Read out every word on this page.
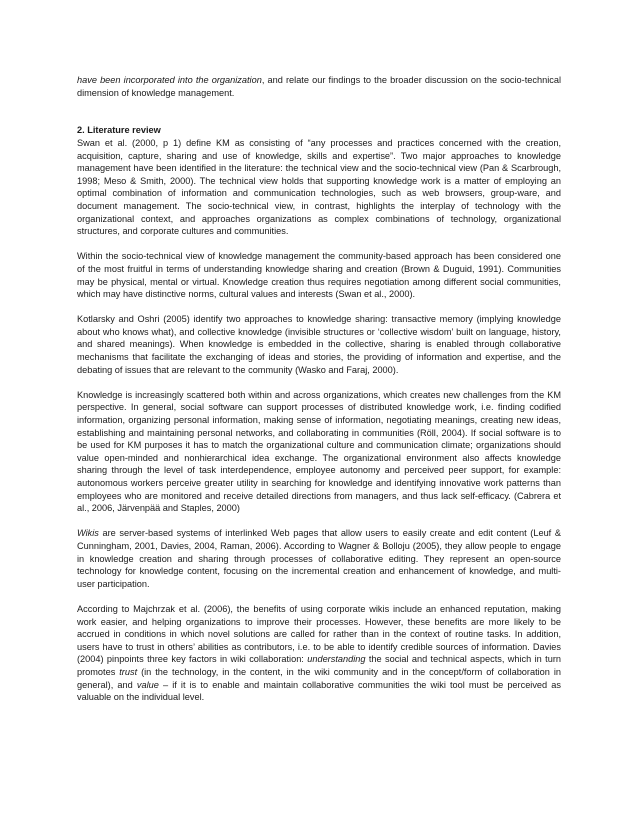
have been incorporated into the organization, and relate our findings to the broader discussion on the socio-technical dimension of knowledge management.

2. Literature review

Swan et al. (2000, p 1) define KM as consisting of “any processes and practices concerned with the creation, acquisition, capture, sharing and use of knowledge, skills and expertise”. Two major approaches to knowledge management have been identified in the literature: the technical view and the socio-technical view (Pan & Scarbrough, 1998; Meso & Smith, 2000). The technical view holds that supporting knowledge work is a matter of employing an optimal combination of information and communication technologies, such as web browsers, group-ware, and document management. The socio-technical view, in contrast, highlights the interplay of technology with the organizational context, and approaches organizations as complex combinations of technology, organizational structures, and corporate cultures and communities.

Within the socio-technical view of knowledge management the community-based approach has been considered one of the most fruitful in terms of understanding knowledge sharing and creation (Brown & Duguid, 1991). Communities may be physical, mental or virtual. Knowledge creation thus requires negotiation among different social communities, which may have distinctive norms, cultural values and interests (Swan et al., 2000).

Kotlarsky and Oshri (2005) identify two approaches to knowledge sharing: transactive memory (implying knowledge about who knows what), and collective knowledge (invisible structures or ‘collective wisdom’ built on language, history, and shared meanings). When knowledge is embedded in the collective, sharing is enabled through collaborative mechanisms that facilitate the exchanging of ideas and stories, the providing of information and expertise, and the debating of issues that are relevant to the community (Wasko and Faraj, 2000).

Knowledge is increasingly scattered both within and across organizations, which creates new challenges from the KM perspective. In general, social software can support processes of distributed knowledge work, i.e. finding codified information, organizing personal information, making sense of information, negotiating meanings, creating new ideas, establishing and maintaining personal networks, and collaborating in communities (Röll, 2004). If social software is to be used for KM purposes it has to match the organizational culture and communication climate; organizations should value open-minded and nonhierarchical idea exchange. The organizational environment also affects knowledge sharing through the level of task interdependence, employee autonomy and perceived peer support, for example: autonomous workers perceive greater utility in searching for knowledge and identifying innovative work patterns than employees who are monitored and receive detailed directions from managers, and thus lack self-efficacy. (Cabrera et al., 2006, Järvenpää and Staples, 2000)

Wikis are server-based systems of interlinked Web pages that allow users to easily create and edit content (Leuf & Cunningham, 2001, Davies, 2004, Raman, 2006). According to Wagner & Bolloju (2005), they allow people to engage in knowledge creation and sharing through processes of collaborative editing. They represent an open-source technology for knowledge content, focusing on the incremental creation and enhancement of knowledge, and multi-user participation.

According to Majchrzak et al. (2006), the benefits of using corporate wikis include an enhanced reputation, making work easier, and helping organizations to improve their processes. However, these benefits are more likely to be accrued in conditions in which novel solutions are called for rather than in the context of routine tasks. In addition, users have to trust in others’ abilities as contributors, i.e. to be able to identify credible sources of information. Davies (2004) pinpoints three key factors in wiki collaboration: understanding the social and technical aspects, which in turn promotes trust (in the technology, in the content, in the wiki community and in the concept/form of collaboration in general), and value – if it is to enable and maintain collaborative communities the wiki tool must be perceived as valuable on the individual level.
